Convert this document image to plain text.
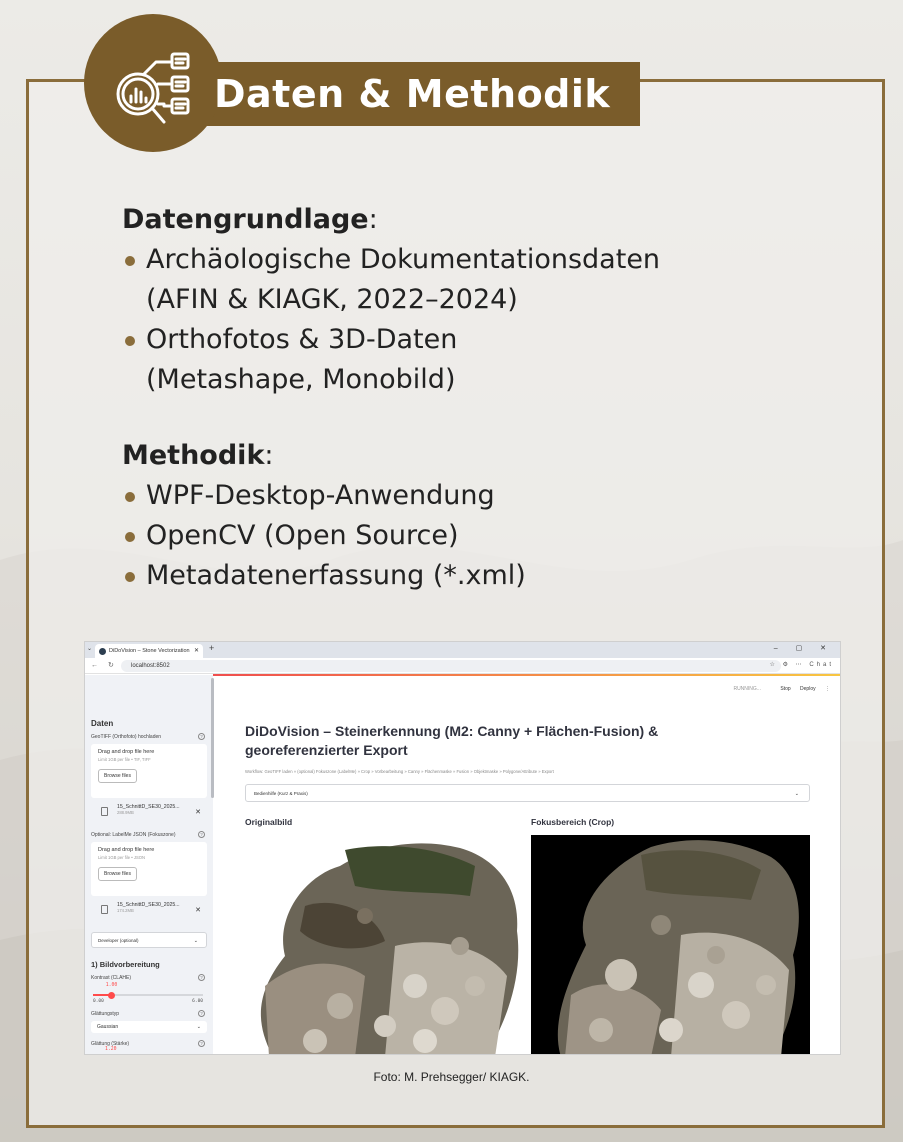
Daten & Methodik
Datengrundlage:
Archäologische Dokumentationsdaten
(AFIN & KIAGK, 2022–2024)
Orthofotos & 3D-Daten
(Metashape, Monobild)
Methodik:
WPF-Desktop-Anwendung
OpenCV (Open Source)
Metadatenerfassung (*.xml)
⌄	DiDoVision – Stone Vectorization ✕ +	– ▢ ✕
← ↻	localhost:8502	☆ ⚙ ⋯ Chat
Daten
GeoTIFF (Orthofoto) hochladen	?
Drag and drop file here
Limit 1GB per file • TIF, TIFF
Browse files
15_SchnittD_SE30_2025...
288.9MB	✕
Optional: LabelMe JSON (Fokuszone)	?
Drag and drop file here
Limit 1GB per file • JSON
Browse files
15_SchnittD_SE30_2025...
174.2MB	✕
Developer (optional)	⌄
1) Bildvorbereitung
Kontrast (CLAHE)	?
1.00
0.00	6.00
Glättungstyp	?
Gaussian	⌄
Glättung (Stärke)	?
1.20
RUNNING...	Stop Deploy ⋮
DiDoVision – Steinerkennung (M2: Canny + Flächen-Fusion) & georeferenzierter Export
Workflow: GeoTIFF laden » (optional) Fokuszone (LabelMe) » Crop » Vorbearbeitung » Canny » Flächenmaske » Fusion » Objektmaske » Polygone/Attribute » Export
Bedienhilfe (Kurz & Praxis)	⌄
Originalbild	Fokusbereich (Crop)
Foto: M. Prehsegger/ KIAGK.
